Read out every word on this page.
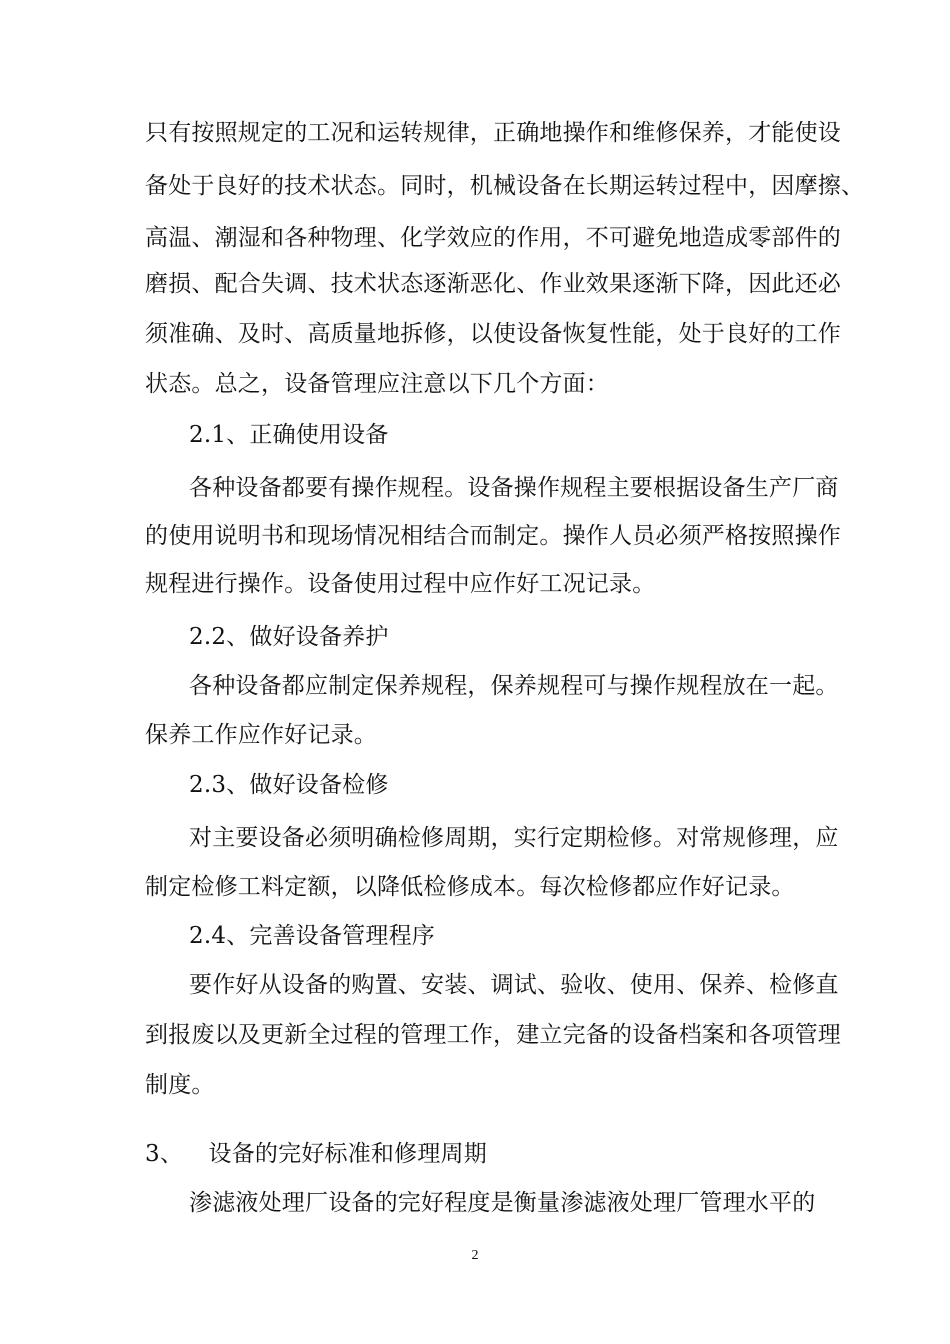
只有按照规定的工况和运转规律，正确地操作和维修保养，才能使设
备处于良好的技术状态。同时，机械设备在长期运转过程中，因摩擦、
高温、潮湿和各种物理、化学效应的作用，不可避免地造成零部件的
磨损、配合失调、技术状态逐渐恶化、作业效果逐渐下降，因此还必
须准确、及时、高质量地拆修，以使设备恢复性能，处于良好的工作
状态。总之，设备管理应注意以下几个方面：
2.1、正确使用设备
各种设备都要有操作规程。设备操作规程主要根据设备生产厂商
的使用说明书和现场情况相结合而制定。操作人员必须严格按照操作
规程进行操作。设备使用过程中应作好工况记录。
2.2、做好设备养护
各种设备都应制定保养规程，保养规程可与操作规程放在一起。
保养工作应作好记录。
2.3、做好设备检修
对主要设备必须明确检修周期，实行定期检修。对常规修理，应
制定检修工料定额，以降低检修成本。每次检修都应作好记录。
2.4、完善设备管理程序
要作好从设备的购置、安装、调试、验收、使用、保养、检修直
到报废以及更新全过程的管理工作，建立完备的设备档案和各项管理
制度。
3、 设备的完好标准和修理周期
渗滤液处理厂设备的完好程度是衡量渗滤液处理厂管理水平的
2
